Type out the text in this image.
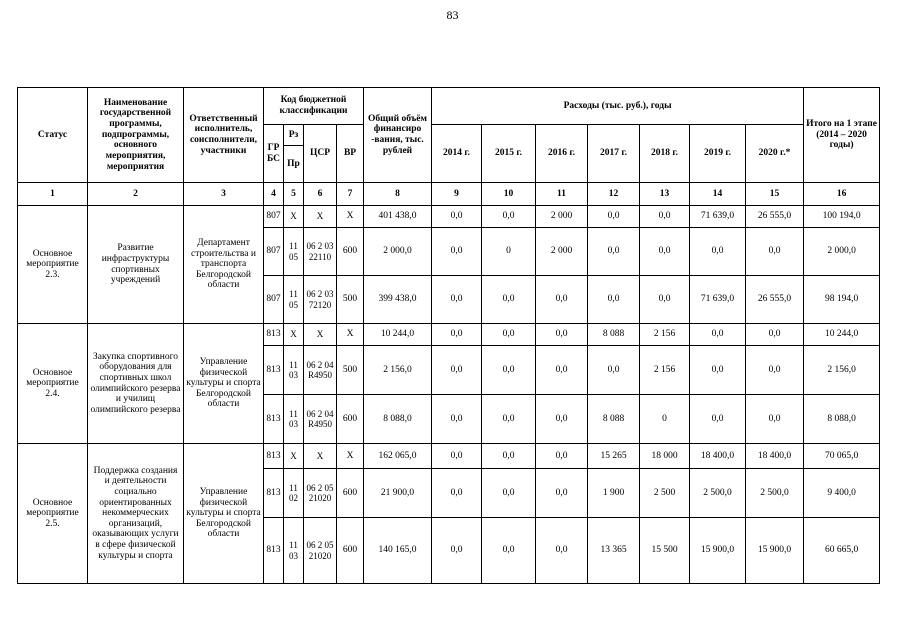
83
Статус	Наименование государственной программы, подпрограммы, основного мероприятия, мероприятия	Ответственный исполнитель, соисполнители, участники	Код бюджетной классификации				Общий объём финансиро -вания, тыс. рублей	Расходы (тыс. руб.), годы							Итого на 1 этапе (2014 – 2020 годы)
			ГР БС	Рз	ЦСР	ВР		2014 г.	2015 г.	2016 г.	2017 г.	2018 г.	2019 г.	2020 г.*	
				Пр											
1	2	3	4	5	6	7	8	9	10	11	12	13	14	15	16
Основное мероприятие 2.3.	Развитие инфраструктуры спортивных учреждений	Департамент строительства и транспорта Белгородской области	807	Х	Х	Х	401 438,0	0,0	0,0	2 000	0,0	0,0	71 639,0	26 555,0	100 194,0
			807	11 05	06 2 03 22110	600	2 000,0	0,0	0	2 000	0,0	0,0	0,0	0,0	2 000,0
			807	11 05	06 2 03 72120	500	399 438,0	0,0	0,0	0,0	0,0	0,0	71 639,0	26 555,0	98 194,0
Основное мероприятие 2.4.	Закупка спортивного оборудования для спортивных школ олимпийского резерва и училищ олимпийского резерва	Управление физической культуры и спорта Белгородской области	813	Х	Х	Х	10 244,0	0,0	0,0	0,0	8 088	2 156	0,0	0,0	10 244,0
			813	11 03	06 2 04 R4950	500	2 156,0	0,0	0,0	0,0	0,0	2 156	0,0	0,0	2 156,0
			813	11 03	06 2 04 R4950	600	8 088,0	0,0	0,0	0,0	8 088	0	0,0	0,0	8 088,0
Основное мероприятие 2.5.	Поддержка создания и деятельности социально ориентированных некоммерческих организаций, оказывающих услуги в сфере физической культуры и спорта	Управление физической культуры и спорта Белгородской области	813	Х	Х	Х	162 065,0	0,0	0,0	0,0	15 265	18 000	18 400,0	18 400,0	70 065,0
			813	11 02	06 2 05 21020	600	21 900,0	0,0	0,0	0,0	1 900	2 500	2 500,0	2 500,0	9 400,0
			813	11 03	06 2 05 21020	600	140 165,0	0,0	0,0	0,0	13 365	15 500	15 900,0	15 900,0	60 665,0
